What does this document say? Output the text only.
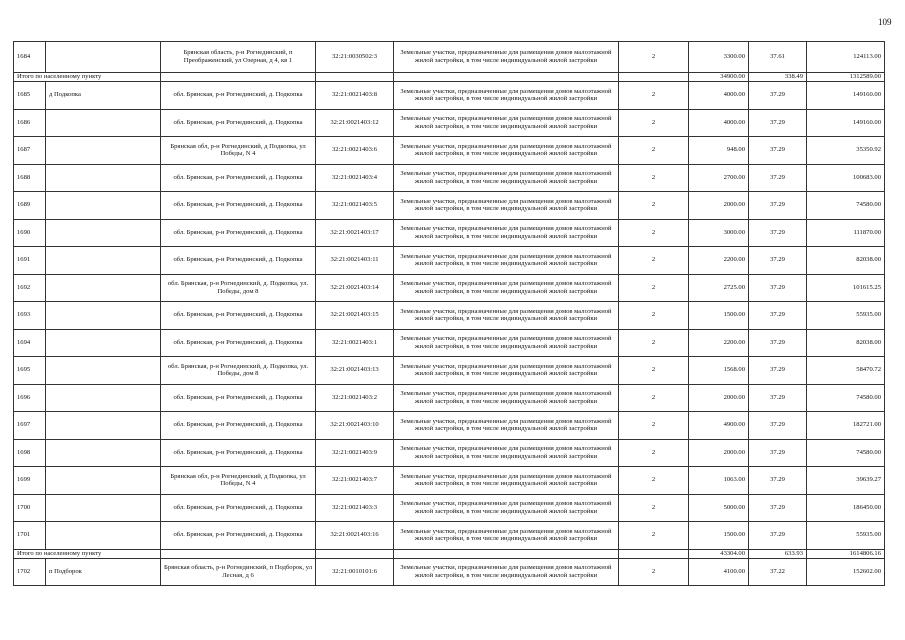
109
1684		Брянская область, р-н Рогнединский, п Преображенский, ул Озерная, д 4, кв 1	32:21:0030502:3	Земельные участки, предназначенные для размещения домов малоэтажной жилой застройки, в том числе индивидуальной жилой застройки	2	3300.00	37.61	124113.00
Итого по населенному пункту						34900.00	338.49	1312589.00
1685	д Подкопка	обл. Брянская, р-н Рогнединский, д. Подкопка	32:21:0021403:8	Земельные участки, предназначенные для размещения домов малоэтажной жилой застройки, в том числе индивидуальной жилой застройки	2	4000.00	37.29	149160.00
1686		обл. Брянская, р-н Рогнединский, д. Подкопка	32:21:0021403:12	Земельные участки, предназначенные для размещения домов малоэтажной жилой застройки, в том числе индивидуальной жилой застройки	2	4000.00	37.29	149160.00
1687		Брянская обл, р-н Рогнединский, д Подкопка, ул Победы, N 4	32:21:0021403:6	Земельные участки, предназначенные для размещения домов малоэтажной жилой застройки, в том числе индивидуальной жилой застройки	2	948.00	37.29	35350.92
1688		обл. Брянская, р-н Рогнединский, д. Подкопка	32:21:0021403:4	Земельные участки, предназначенные для размещения домов малоэтажной жилой застройки, в том числе индивидуальной жилой застройки	2	2700.00	37.29	100683.00
1689		обл. Брянская, р-н Рогнединский, д. Подкопка	32:21:0021403:5	Земельные участки, предназначенные для размещения домов малоэтажной жилой застройки, в том числе индивидуальной жилой застройки	2	2000.00	37.29	74580.00
1690		обл. Брянская, р-н Рогнединский, д. Подкопка	32:21:0021403:17	Земельные участки, предназначенные для размещения домов малоэтажной жилой застройки, в том числе индивидуальной жилой застройки	2	3000.00	37.29	111870.00
1691		обл. Брянская, р-н Рогнединский, д. Подкопка	32:21:0021403:11	Земельные участки, предназначенные для размещения домов малоэтажной жилой застройки, в том числе индивидуальной жилой застройки	2	2200.00	37.29	82038.00
1692		обл. Брянская, р-н Рогнединский, д. Подкопка, ул. Победы, дом 8	32:21:0021403:14	Земельные участки, предназначенные для размещения домов малоэтажной жилой застройки, в том числе индивидуальной жилой застройки	2	2725.00	37.29	101615.25
1693		обл. Брянская, р-н Рогнединский, д. Подкопка	32:21:0021403:15	Земельные участки, предназначенные для размещения домов малоэтажной жилой застройки, в том числе индивидуальной жилой застройки	2	1500.00	37.29	55935.00
1694		обл. Брянская, р-н Рогнединский, д. Подкопка	32:21:0021403:1	Земельные участки, предназначенные для размещения домов малоэтажной жилой застройки, в том числе индивидуальной жилой застройки	2	2200.00	37.29	82038.00
1695		обл. Брянская, р-н Рогнединский, д. Подкопка, ул. Победы, дом 8	32:21:0021403:13	Земельные участки, предназначенные для размещения домов малоэтажной жилой застройки, в том числе индивидуальной жилой застройки	2	1568.00	37.29	58470.72
1696		обл. Брянская, р-н Рогнединский, д. Подкопка	32:21:0021403:2	Земельные участки, предназначенные для размещения домов малоэтажной жилой застройки, в том числе индивидуальной жилой застройки	2	2000.00	37.29	74580.00
1697		обл. Брянская, р-н Рогнединский, д. Подкопка	32:21:0021403:10	Земельные участки, предназначенные для размещения домов малоэтажной жилой застройки, в том числе индивидуальной жилой застройки	2	4900.00	37.29	182721.00
1698		обл. Брянская, р-н Рогнединский, д. Подкопка	32:21:0021403:9	Земельные участки, предназначенные для размещения домов малоэтажной жилой застройки, в том числе индивидуальной жилой застройки	2	2000.00	37.29	74580.00
1699		Брянская обл, р-н Рогнединский, д Подкопка, ул Победы, N 4	32:21:0021403:7	Земельные участки, предназначенные для размещения домов малоэтажной жилой застройки, в том числе индивидуальной жилой застройки	2	1063.00	37.29	39639.27
1700		обл. Брянская, р-н Рогнединский, д. Подкопка	32:21:0021403:3	Земельные участки, предназначенные для размещения домов малоэтажной жилой застройки, в том числе индивидуальной жилой застройки	2	5000.00	37.29	186450.00
1701		обл. Брянская, р-н Рогнединский, д. Подкопка	32:21:0021403:16	Земельные участки, предназначенные для размещения домов малоэтажной жилой застройки, в том числе индивидуальной жилой застройки	2	1500.00	37.29	55935.00
Итого по населенному пункту						43304.00	633.93	1614806.16
1702	п Подборок	Брянская область, р-н Рогнединский, п Подборок, ул Лесная, д 6	32:21:0010101:6	Земельные участки, предназначенные для размещения домов малоэтажной жилой застройки, в том числе индивидуальной жилой застройки	2	4100.00	37.22	152602.00
